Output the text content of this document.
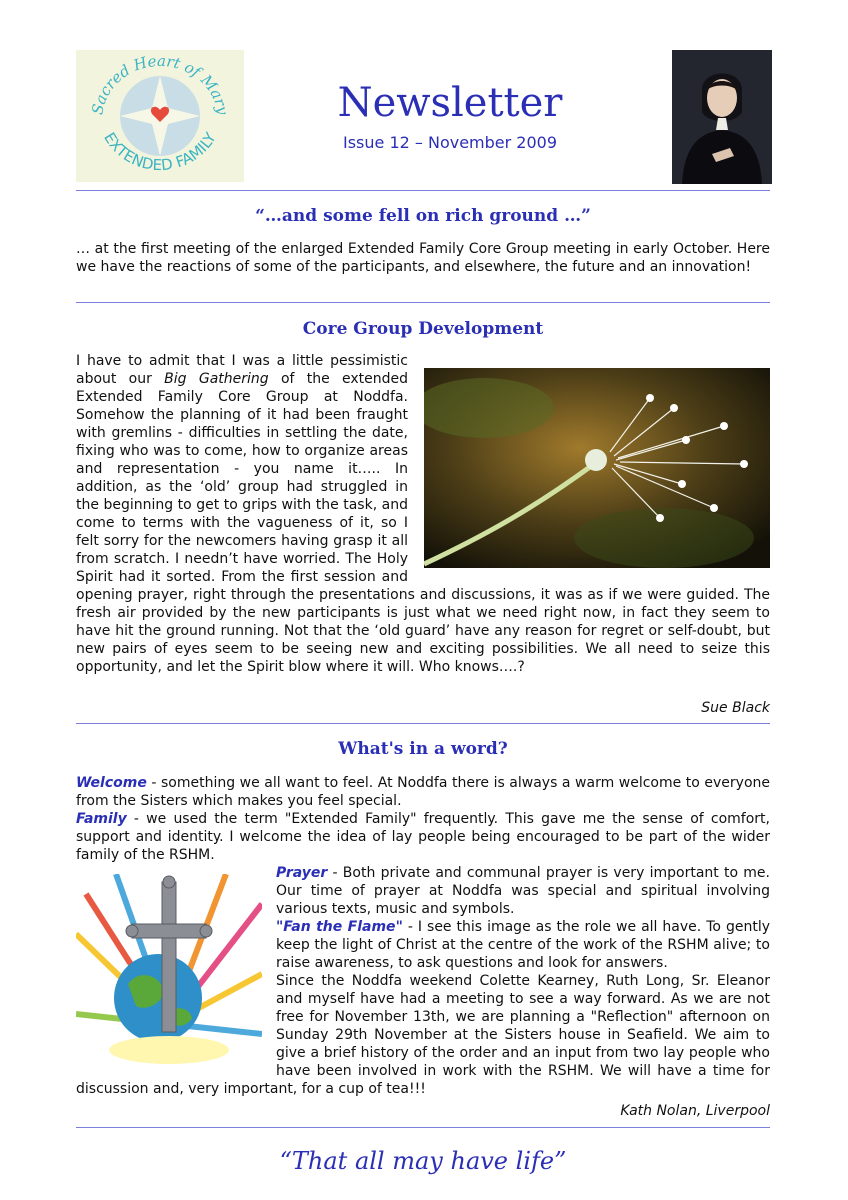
Sacred Heart of Mary
EXTENDED FAMILY
Newsletter
Issue 12 – November 2009
“…and some fell on rich ground …”

… at the first meeting of the enlarged Extended Family Core Group meeting in early October. Here we have the reactions of some of the participants, and elsewhere, the future and an innovation!

Core Group Development
I have to admit that I was a little pessimistic about our Big Gathering of the extended Extended Family Core Group at Noddfa. Somehow the planning of it had been fraught with gremlins - difficulties in settling the date, fixing who was to come, how to organize areas and representation - you name it….. In addition, as the ‘old’ group had struggled in the beginning to get to grips with the task, and come to terms with the vagueness of it, so I felt sorry for the newcomers having grasp it all from scratch. I needn’t have worried. The Holy Spirit had it sorted. From the first session and opening prayer, right through the presentations and discussions, it was as if we were guided. The fresh air provided by the new participants is just what we need right now, in fact they seem to have hit the ground running. Not that the ‘old guard’ have any reason for regret or self-doubt, but new pairs of eyes seem to be seeing new and exciting possibilities. We all need to seize this opportunity, and let the Spirit blow where it will. Who knows….?
Sue Black
What's in a word?
Welcome - something we all want to feel. At Noddfa there is always a warm welcome to everyone from the Sisters which makes you feel special.
Family - we used the term "Extended Family" frequently. This gave me the sense of comfort, support and identity. I welcome the idea of lay people being encouraged to be part of the wider family of the RSHM.
Prayer - Both private and communal prayer is very important to me. Our time of prayer at Noddfa was special and spiritual involving various texts, music and symbols.
"Fan the Flame" - I see this image as the role we all have. To gently keep the light of Christ at the centre of the work of the RSHM alive; to raise awareness, to ask questions and look for answers.
Since the Noddfa weekend Colette Kearney, Ruth Long, Sr. Eleanor and myself have had a meeting to see a way forward. As we are not free for November 13th, we are planning a "Reflection" afternoon on Sunday 29th November at the Sisters house in Seafield. We aim to give a brief history of the order and an input from two lay people who have been involved in work with the RSHM. We will have a time for discussion and, very important, for a cup of tea!!!
Kath Nolan, Liverpool
“That all may have life”
